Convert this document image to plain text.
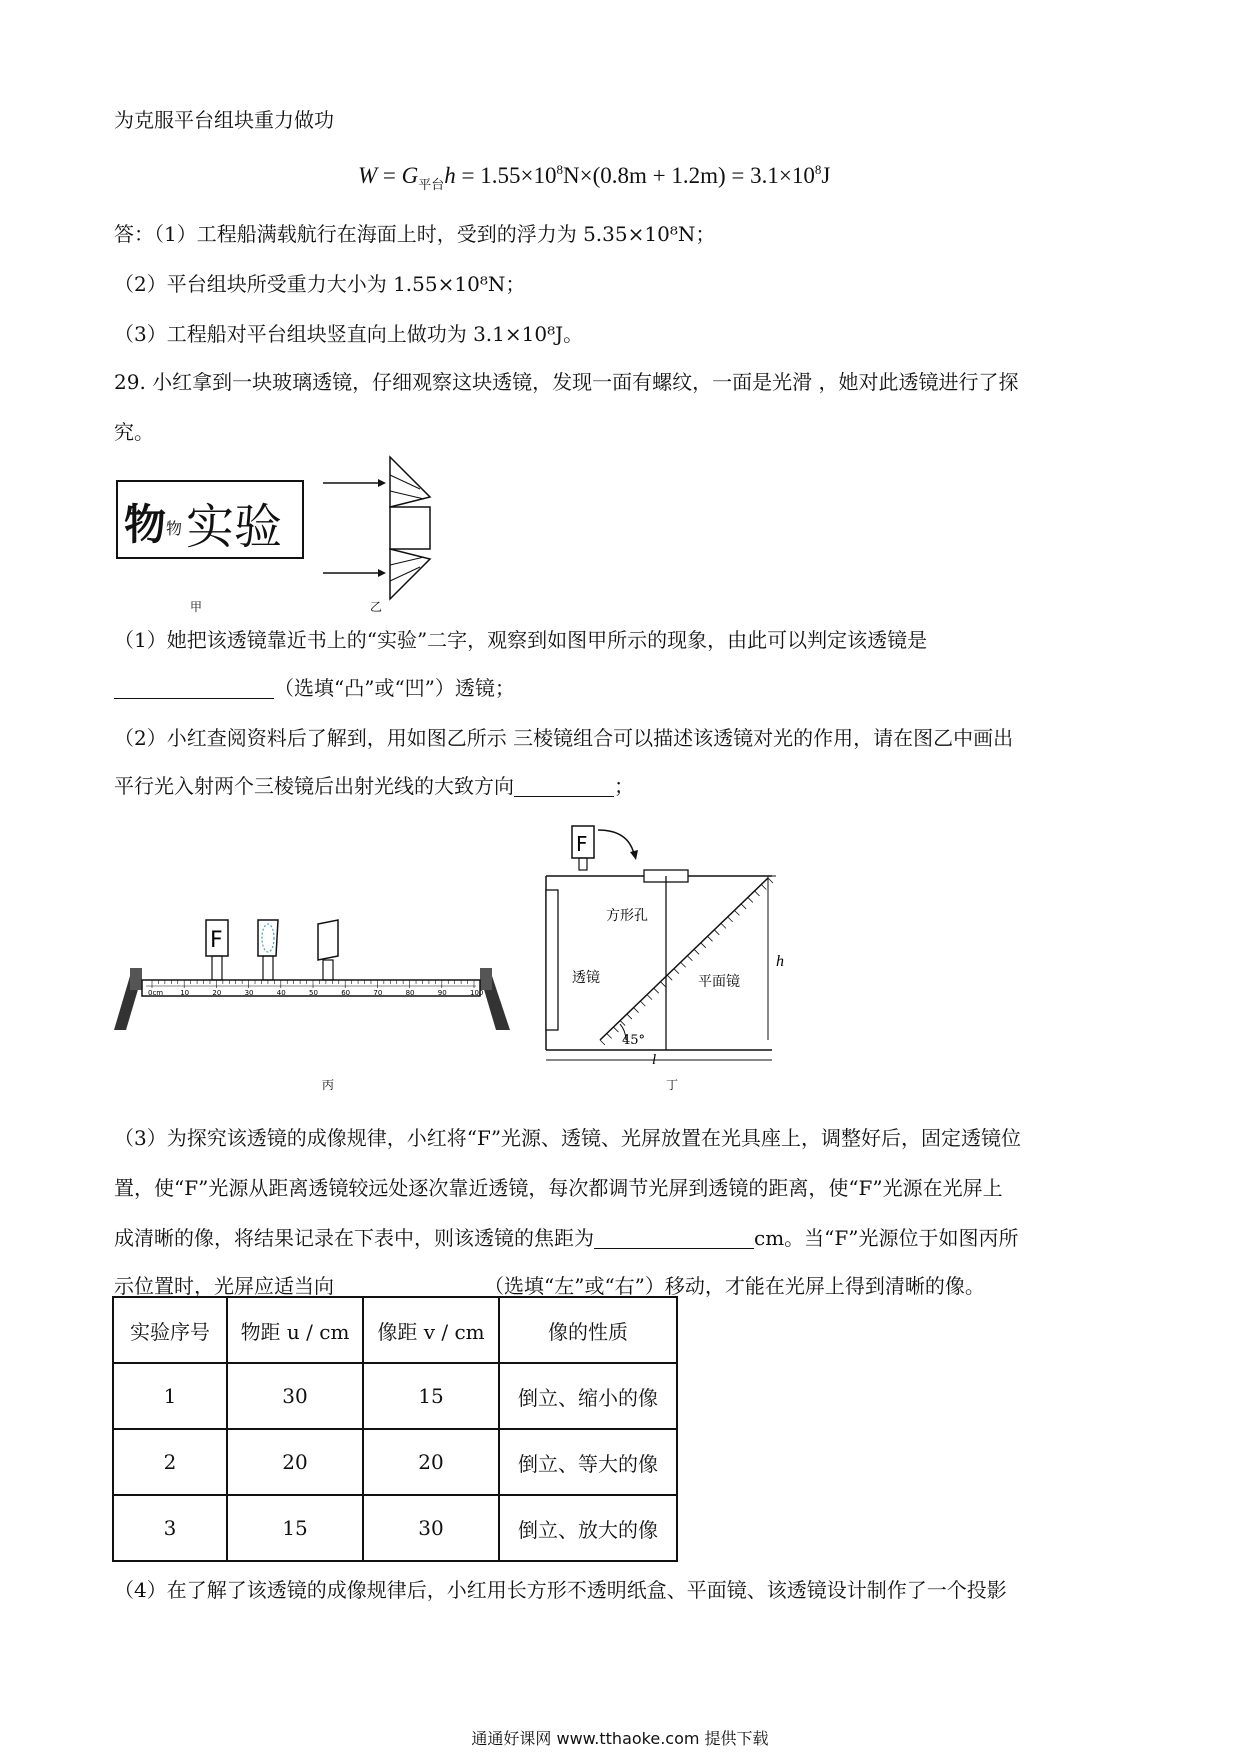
为克服平台组块重力做功
$W = G_{平台}h = 1.55\times 10^8N\times(0.8m + 1.2m) = 3.1\times 10^8J$
答：（1）工程船满载航行在海面上时，受到的浮力为 5.35×10⁸N；
（2）平台组块所受重力大小为 1.55×10⁸N；
（3）工程船对平台组块竖直向上做功为 3.1×10⁸J。
29. 小红拿到一块玻璃透镜，仔细观察这块透镜，发现一面有螺纹，一面是光滑 ，她对此透镜进行了探
究。
物 物 实验
甲	乙
（1）她把该透镜靠近书上的“实验”二字，观察到如图甲所示的现象，由此可以判定该透镜是
（选填“凸”或“凹”）透镜；
（2）小红查阅资料后了解到，用如图乙所示 三棱镜组合可以描述该透镜对光的作用，请在图乙中画出
平行光入射两个三棱镜后出射光线的大致方向	；
0cm 10	20	30	40	50	60	70	80	90	100
F
丙
F
45°
h
l
方形孔
透镜	平面镜
丁
（3）为探究该透镜的成像规律，小红将“F”光源、透镜、光屏放置在光具座上，调整好后，固定透镜位
置，使“F”光源从距离透镜较远处逐次靠近透镜，每次都调节光屏到透镜的距离，使“F”光源在光屏上
成清晰的像，将结果记录在下表中，则该透镜的焦距为	cm。当“F”光源位于如图丙所
示位置时，光屏应适当向	（选填“左”或“右”）移动，才能在光屏上得到清晰的像。
实验序号	物距 u / cm	像距 v / cm	像的性质
1	30	15	倒立、缩小的像
2	20	20	倒立、等大的像
3	15	30	倒立、放大的像
（4）在了解了该透镜的成像规律后，小红用长方形不透明纸盒、平面镜、该透镜设计制作了一个投影
通通好课网 www.tthaoke.com 提供下载
